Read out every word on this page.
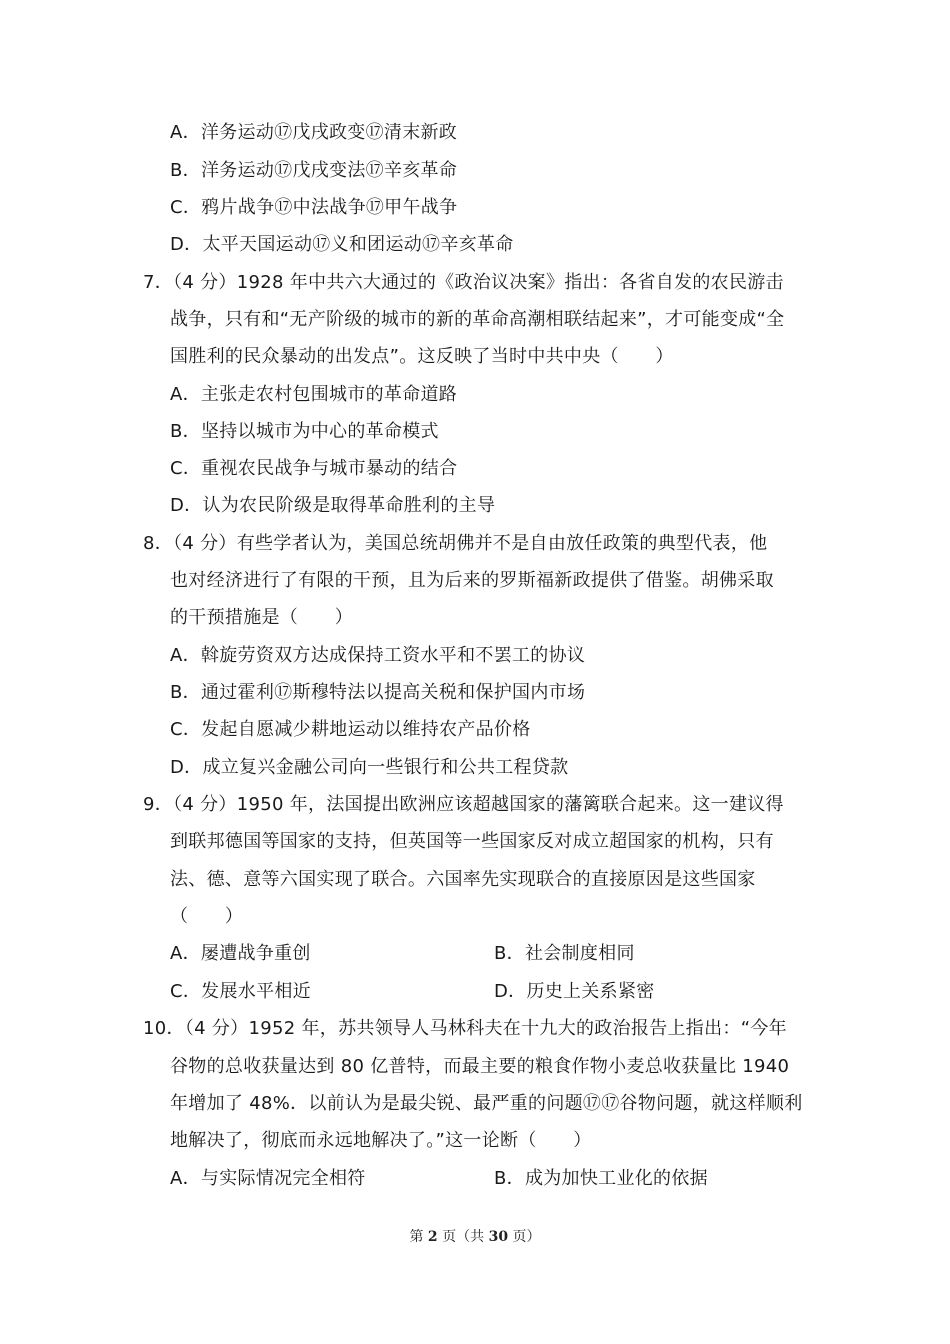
A．洋务运动⑰戊戌政变⑰清末新政
B．洋务运动⑰戊戌变法⑰辛亥革命
C．鸦片战争⑰中法战争⑰甲午战争
D．太平天国运动⑰义和团运动⑰辛亥革命
7．（4 分）1928 年中共六大通过的《政治议决案》指出：各省自发的农民游击
战争，只有和“无产阶级的城市的新的革命高潮相联结起来”，才可能变成“全
国胜利的民众暴动的出发点”。这反映了当时中共中央（　　）
A．主张走农村包围城市的革命道路
B．坚持以城市为中心的革命模式
C．重视农民战争与城市暴动的结合
D．认为农民阶级是取得革命胜利的主导
8．（4 分）有些学者认为，美国总统胡佛并不是自由放任政策的典型代表，他
也对经济进行了有限的干预，且为后来的罗斯福新政提供了借鉴。胡佛采取
的干预措施是（　　）
A．斡旋劳资双方达成保持工资水平和不罢工的协议
B．通过霍利⑰斯穆特法以提高关税和保护国内市场
C．发起自愿减少耕地运动以维持农产品价格
D．成立复兴金融公司向一些银行和公共工程贷款
9．（4 分）1950 年，法国提出欧洲应该超越国家的藩篱联合起来。这一建议得
到联邦德国等国家的支持，但英国等一些国家反对成立超国家的机构，只有
法、德、意等六国实现了联合。六国率先实现联合的直接原因是这些国家
（　　）
A．屡遭战争重创	B．社会制度相同
C．发展水平相近	D．历史上关系紧密
10．（4 分）1952 年，苏共领导人马林科夫在十九大的政治报告上指出：“今年
谷物的总收获量达到 80 亿普特，而最主要的粮食作物小麦总收获量比 1940
年增加了 48%．以前认为是最尖锐、最严重的问题⑰⑰谷物问题，就这样顺利
地解决了，彻底而永远地解决了。”这一论断（　　）
A．与实际情况完全相符	B．成为加快工业化的依据
第 2 页（共 30 页）
